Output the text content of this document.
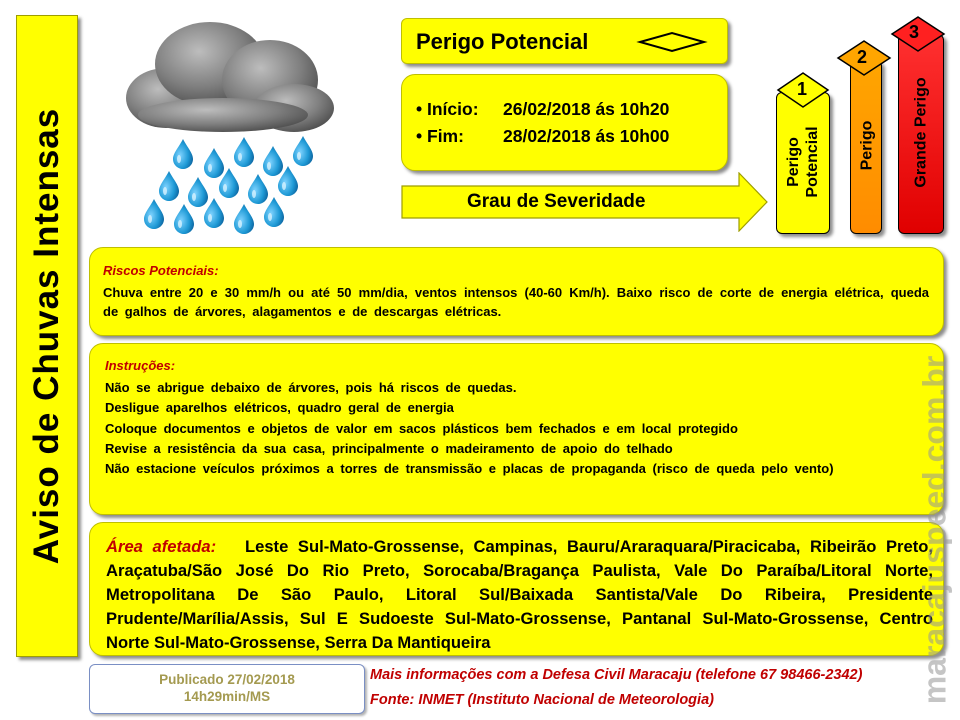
Aviso de Chuvas Intensas
Perigo Potencial
• Início: 26/02/2018 ás 10h20
• Fim: 28/02/2018 ás 10h00
Grau de Severidade
Perigo Potencial
1
Perigo
2
Grande Perigo
3
Riscos Potenciais:
Chuva entre 20 e 30 mm/h ou até 50 mm/dia, ventos intensos (40-60 Km/h). Baixo risco de corte de energia elétrica, queda de galhos de árvores, alagamentos e de descargas elétricas.
Instruções:
Não se abrigue debaixo de árvores, pois há riscos de quedas.
Desligue aparelhos elétricos, quadro geral de energia
Coloque documentos e objetos de valor em sacos plásticos bem fechados e em local protegido
Revise a resistência da sua casa, principalmente o madeiramento de apoio do telhado
Não estacione veículos próximos a torres de transmissão e placas de propaganda (risco de queda pelo vento)
Área afetada: Leste Sul-Mato-Grossense, Campinas, Bauru/Araraquara/Piracicaba, Ribeirão Preto, Araçatuba/São José Do Rio Preto, Sorocaba/Bragança Paulista, Vale Do Paraíba/Litoral Norte, Metropolitana De São Paulo, Litoral Sul/Baixada Santista/Vale Do Ribeira, Presidente Prudente/Marília/Assis, Sul E Sudoeste Sul-Mato-Grossense, Pantanal Sul-Mato-Grossense, Centro Norte Sul-Mato-Grossense, Serra Da Mantiqueira
Publicado 27/02/2018
14h29min/MS
Mais informações com a Defesa Civil Maracaju (telefone 67 98466-2342)
Fonte: INMET (Instituto Nacional de Meteorologia)	maracajuspeed.com.br
